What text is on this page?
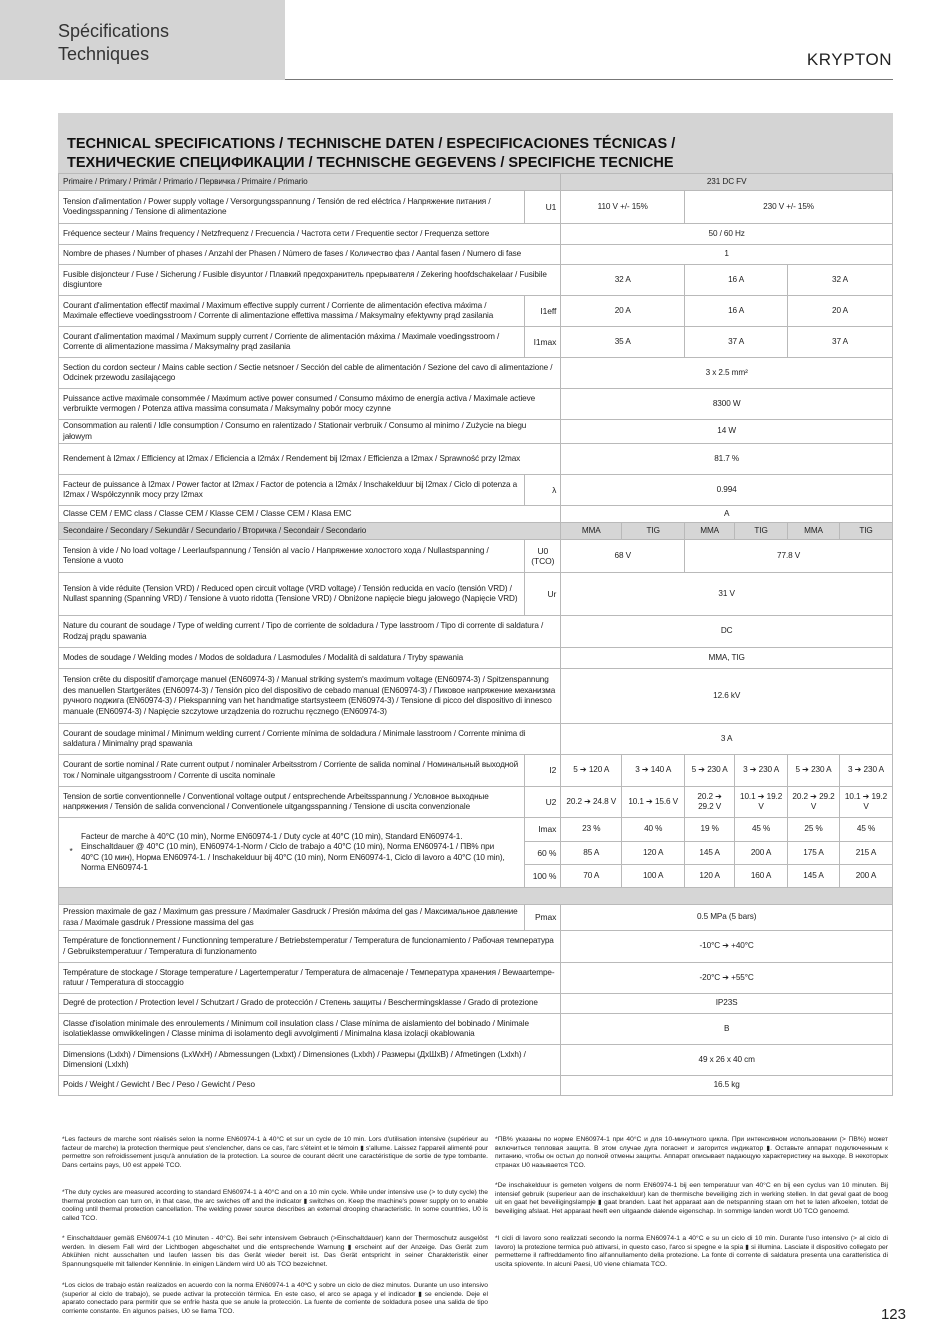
Spécifications
Techniques	KRYPTON
TECHNICAL SPECIFICATIONS / TECHNISCHE DATEN / ESPECIFICACIONES TÉCNICAS /
ТЕХНИЧЕСКИЕ СПЕЦИФИКАЦИИ / TECHNISCHE GEGEVENS / SPECIFICHE TECNICHE
Primaire / Primary / Primär / Primario / Первичка / Primaire / Primario		231 DC FV					
Tension d'alimentation / Power supply voltage / Versorgungsspannung / Tensión de red eléctrica / Напряжение питания / Voedingsspanning / Tensione di alimentazione	U1	110 V +/- 15%		230 V +/- 15%			
Fréquence secteur / Mains frequency / Netzfrequenz / Frecuencia / Частота сети / Frequentie sector / Frequenza settore		50 / 60 Hz					
Nombre de phases / Number of phases / Anzahl der Phasen / Número de fases / Количество фаз / Aantal fasen / Numero di fase		1					
Fusible disjoncteur / Fuse / Sicherung / Fusible disyuntor / Плавкий предохранитель прерывателя / Zekering hoofdschakelaar / Fusibile disgiuntore		32 A		16 A		32 A	
Courant d'alimentation effectif maximal / Maximum effective supply current / Corriente de alimentación efectiva máxima / Maximale effectieve voedingsstroom / Corrente di alimentazione effettiva massima / Maksymalny efektywny prąd zasilania	I1eff	20 A		16 A		20 A	
Courant d'alimentation maximal / Maximum supply current / Corriente de alimentación máxima / Maximale voedingsstroom / Corrente di alimentazione massima / Maksymalny prąd zasilania	I1max	35 A		37 A		37 A	
Section du cordon secteur / Mains cable section / Sectie netsnoer / Sección del cable de alimentación / Sezione del cavo di alimentazione / Odcinek przewodu zasilającego		3 x 2.5 mm²					
Puissance active maximale consommée / Maximum active power consumed / Consumo máximo de energía activa / Maximale actieve verbruikte vermogen / Potenza attiva massima consumata / Maksymalny pobór mocy czynne		8300 W					
Consommation au ralenti / Idle consumption / Consumo en ralentizado / Stationair verbruik / Consumo al minimo / Zużycie na biegu jałowym		14 W					
Rendement à I2max / Efficiency at I2max / Eficiencia a I2máx / Rendement bij I2max / Efficienza a I2max / Sprawność przy I2max		81.7 %					
Facteur de puissance à I2max / Power factor at I2max / Factor de potencia a I2máx / Inschakelduur bij I2max / Ciclo di potenza a I2max / Współczynnik mocy przy I2max	λ	0.994					
Classe CEM / EMC class / Classe CEM / Klasse CEM / Classe CEM / Klasa EMC		A					
Secondaire / Secondary / Sekundär / Secundario / Вторичка / Secondair / Secondario		MMA	TIG	MMA	TIG	MMA	TIG
Tension à vide / No load voltage / Leerlaufspannung / Tensión al vacío / Напряжение холостого хода / Nullastspanning / Tensione a vuoto	U0 (TCO)	68 V		77.8 V			
Tension à vide réduite (Tension VRD) / Reduced open circuit voltage (VRD voltage) / Tensión reducida en vacío (tensión VRD) / Nullast spanning (Spanning VRD) / Tensione à vuoto ridotta (Tensione VRD) / Obniżone napięcie biegu jałowego (Napięcie VRD)	Ur	31 V					
Nature du courant de soudage / Type of welding current / Tipo de corriente de soldadura / Type lasstroom / Tipo di corrente di saldatura / Rodzaj prądu spawania		DC					
Modes de soudage / Welding modes / Modos de soldadura / Lasmodules / Modalità di saldatura / Tryby spawania		MMA, TIG					
Tension crête du dispositif d'amorçage manuel (EN60974-3) / Manual striking system's maximum voltage (EN60974-3) / Spitzenspannung des manuellen Startgerätes (EN60974-3) / Tensión pico del dispositivo de cebado manual (EN60974-3) / Пиковое напряжение механизма ручного поджига (EN60974-3) / Piekspanning van het handmatige startsysteem (EN60974-3) / Tensione di picco del dispositivo di innesco manuale (EN60974-3) / Napięcie szczytowe urządzenia do rozruchu ręcznego (EN60974-3)		12.6 kV					
Courant de soudage minimal / Minimum welding current / Corriente mínima de soldadura / Minimale lasstroom / Corrente minima di saldatura / Minimalny prąd spawania		3 A					
Courant de sortie nominal / Rate current output / nominaler Arbeitsstrom / Corriente de salida nominal / Номинальный выходной ток / Nominale uitgangsstroom / Corrente di uscita nominale	I2	5 ➔ 120 A	3 ➔ 140 A	5 ➔ 230 A	3 ➔ 230 A	5 ➔ 230 A	3 ➔ 230 A
Tension de sortie conventionnelle / Conventional voltage output / entsprechende Arbeitsspannung / Условное выходные напряжения / Tensión de salida convencional / Conventionele uitgangsspanning / Tensione di uscita convenzionale	U2	20.2 ➔ 24.8 V	10.1 ➔ 15.6 V	20.2 ➔ 29.2 V	10.1 ➔ 19.2 V	20.2 ➔ 29.2 V	10.1 ➔ 19.2 V

*
Facteur de marche à 40°C (10 min), Norme EN60974-1 / Duty cycle at 40°C (10 min), Standard EN60974-1. Einschaltdauer @ 40°C (10 min), EN60974-1-Norm / Ciclo de trabajo a 40°C (10 min), Norma EN60974-1 / ПВ% при 40°C (10 мин), Норма EN60974-1. / Inschakelduur bij 40°C (10 min), Norm EN60974-1, Ciclo di lavoro a 40°C (10 min), Norma EN60974-1	Imax	23 %	40 %	19 %	45 %	25 %	45 %
	60 %	85 A	120 A	145 A	200 A	175 A	215 A
	100 %	70 A	100 A	120 A	160 A	145 A	200 A

Pression maximale de gaz / Maximum gas pressure / Maximaler Gasdruck / Presión máxima del gas / Максимальное давление газа / Maximale gasdruk / Pressione massima del gas	Pmax	0.5 MPa (5 bars)					
Température de fonctionnement / Functionning temperature / Betriebstemperatur / Temperatura de funcionamiento / Рабочая температура / Gebruikstemperatuur / Temperatura di funzionamento		-10°C ➔ +40°C					
Température de stockage / Storage temperature / Lagertemperatur / Temperatura de almacenaje / Температура хранения / Bewaartempe-ratuur / Temperatura di stoccaggio		-20°C ➔ +55°C					
Degré de protection / Protection level / Schutzart / Grado de protección / Степень защиты / Beschermingsklasse / Grado di protezione		IP23S					
Classe d'isolation minimale des enroulements / Minimum coil insulation class / Clase mínima de aislamiento del bobinado / Minimale isolatieklasse omwikkelingen / Classe minima di isolamento degli avvolgimenti / Minimalna klasa izolacji okablowania		B					
Dimensions (Lxlxh) / Dimensions (LxWxH) / Abmessungen (Lxbxt) / Dimensiones (Lxlxh) / Размеры (ДxШxВ) / Afmetingen (Lxlxh) / Dimensioni (Lxlxh)		49 x 26 x 40 cm					
Poids / Weight / Gewicht / Bec / Peso / Gewicht / Peso		16.5 kg					
*Les facteurs de marche sont réalisés selon la norme EN60974-1 à 40°C et sur un cycle de 10 min. Lors d'utilisation intensive (supérieur au facteur de marche) la protection thermique peut s'enclencher, dans ce cas, l'arc s'éteint et le témoin ▮ s'allume. Laissez l'appareil alimenté pour permettre son refroidissement jusqu'à annulation de la protection. La source de courant décrit une caractéristique de sortie de type tombante. Dans certains pays, U0 est appelé TCO.
*The duty cycles are measured according to standard EN60974-1 à 40°C and on a 10 min cycle. While under intensive use (> to duty cycle) the thermal protection can turn on, in that case, the arc swiches off and the indicator ▮ switches on. Keep the machine's power supply on to enable cooling until thermal protection cancellation. The welding power source describes an external drooping characteristic. In some countries, U0 is called TCO.
* Einschaltdauer gemäß EN60974-1 (10 Minuten - 40°C). Bei sehr intensivem Gebrauch (>Einschaltdauer) kann der Thermoschutz ausgelöst werden. In diesem Fall wird der Lichtbogen abgeschaltet und die entsprechende Warnung ▮ erscheint auf der Anzeige. Das Gerät zum Abkühlen nicht ausschalten und laufen lassen bis das Gerät wieder bereit ist. Das Gerät entspricht in seiner Charakteristik einer Spannungsquelle mit fallender Kennlinie. In einigen Ländern wird U0 als TCO bezeichnet.
*Los ciclos de trabajo están realizados en acuerdo con la norma EN60974-1 a 40ºC y sobre un ciclo de diez minutos. Durante un uso intensivo (superior al ciclo de trabajo), se puede activar la protección térmica. En este caso, el arco se apaga y el indicador ▮ se enciende. Deje el aparato conectado para permitir que se enfríe hasta que se anule la protección. La fuente de corriente de soldadura posee una salida de tipo corriente constante. En algunos países, U0 se llama TCO.
*ПВ% указаны по норме EN60974-1 при 40°C и для 10-минутного цикла. При интенсивном использовании (> ПВ%) может включиться тепловая защита. В этом случае дуга погаснет и загорится индикатор ▮. Оставьте аппарат подключенным к питанию, чтобы он остыл до полной отмены защиты. Аппарат описывает падающую характеристику на выходе. В некоторых странах U0 называется TCO.
*De inschakelduur is gemeten volgens de norm EN60974-1 bij een temperatuur van 40°C en bij een cyclus van 10 minuten. Bij intensief gebruik (superieur aan de inschakelduur) kan de thermische beveiliging zich in werking stellen. In dat geval gaat de boog uit en gaat het beveiligingslampje ▮ gaat branden. Laat het apparaat aan de netspanning staan om het te laten afkoelen, totdat de beveiliging afslaat. Het apparaat heeft een uitgaande dalende eigenschap. In sommige landen wordt U0 TCO genoemd.
*I cicli di lavoro sono realizzati secondo la norma EN60974-1 a 40°C e su un ciclo di 10 min. Durante l'uso intensivo (> al ciclo di lavoro) la protezione termica può attivarsi, in questo caso, l'arco si spegne e la spia ▮ si illumina. Lasciate il dispositivo collegato per permetterne il raffreddamento fino all'annullamento della protezione. La fonte di corrente di saldatura presenta una caratteristica di uscita spiovente. In alcuni Paesi, U0 viene chiamata TCO.
123
